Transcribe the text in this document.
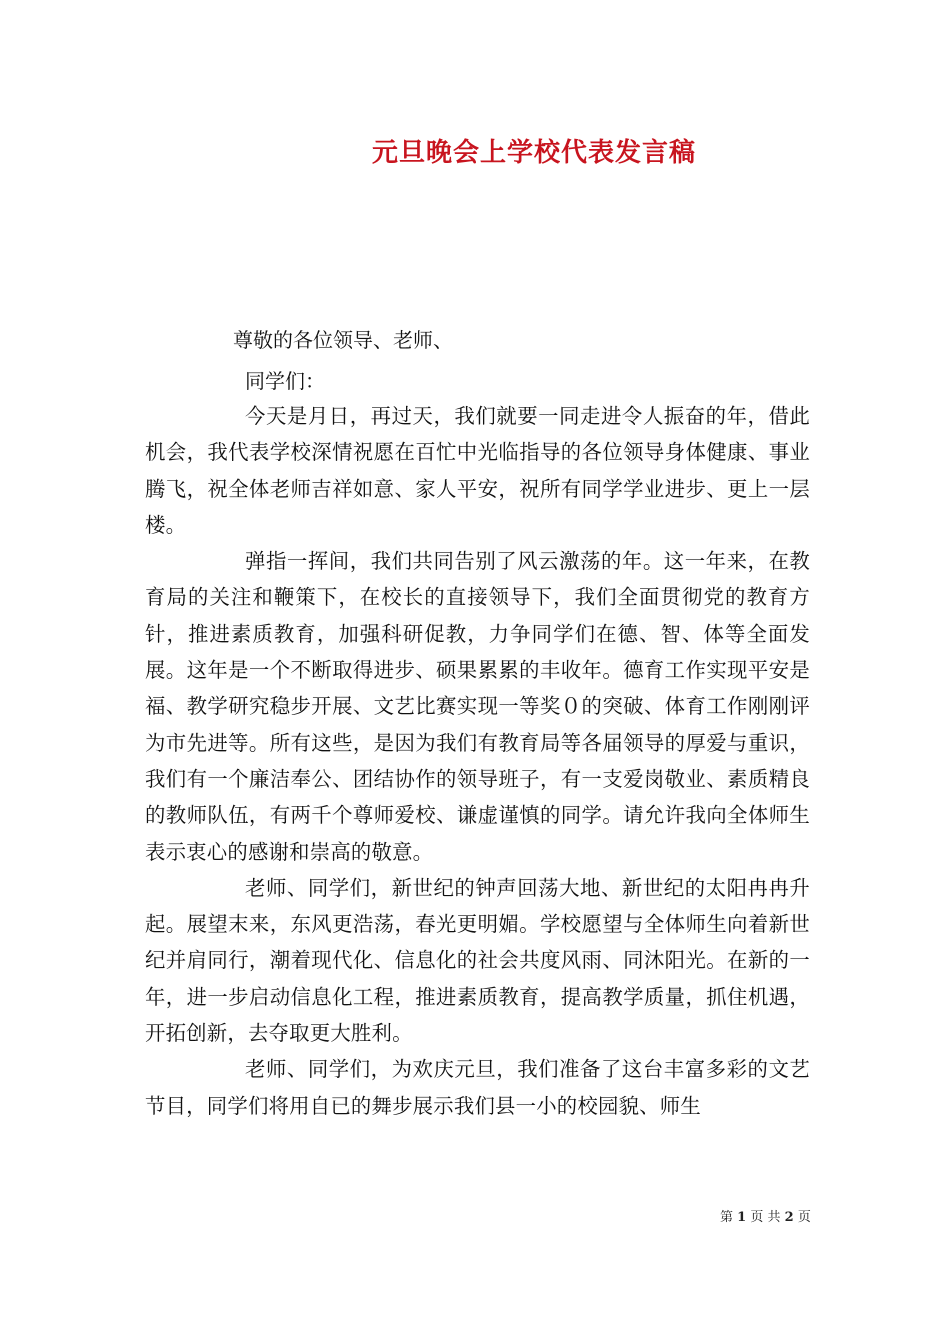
元旦晚会上学校代表发言稿
尊敬的各位领导、老师、
同学们：

今天是月日，再过天，我们就要一同走进令人振奋的年，借此机会，我代表学校深情祝愿在百忙中光临指导的各位领导身体健康、事业腾飞，祝全体老师吉祥如意、家人平安，祝所有同学学业进步、更上一层楼。

弹指一挥间，我们共同告别了风云激荡的年。这一年来，在教育局的关注和鞭策下，在校长的直接领导下，我们全面贯彻党的教育方针，推进素质教育，加强科研促教，力争同学们在德、智、体等全面发展。这年是一个不断取得进步、硕果累累的丰收年。德育工作实现平安是福、教学研究稳步开展、文艺比赛实现一等奖０的突破、体育工作刚刚评为市先进等。所有这些，是因为我们有教育局等各届领导的厚爱与重识，我们有一个廉洁奉公、团结协作的领导班子，有一支爱岗敬业、素质精良的教师队伍，有两千个尊师爱校、谦虚谨慎的同学。请允许我向全体师生表示衷心的感谢和崇高的敬意。

老师、同学们，新世纪的钟声回荡大地、新世纪的太阳冉冉升起。展望末来，东风更浩荡，春光更明媚。学校愿望与全体师生向着新世纪并肩同行，潮着现代化、信息化的社会共度风雨、同沐阳光。在新的一年，进一步启动信息化工程，推进素质教育，提高教学质量，抓住机遇，开拓创新，去夺取更大胜利。

老师、同学们，为欢庆元旦，我们准备了这台丰富多彩的文艺节目，同学们将用自已的舞步展示我们县一小的校园貌、师生

第 1 页 共 2 页
